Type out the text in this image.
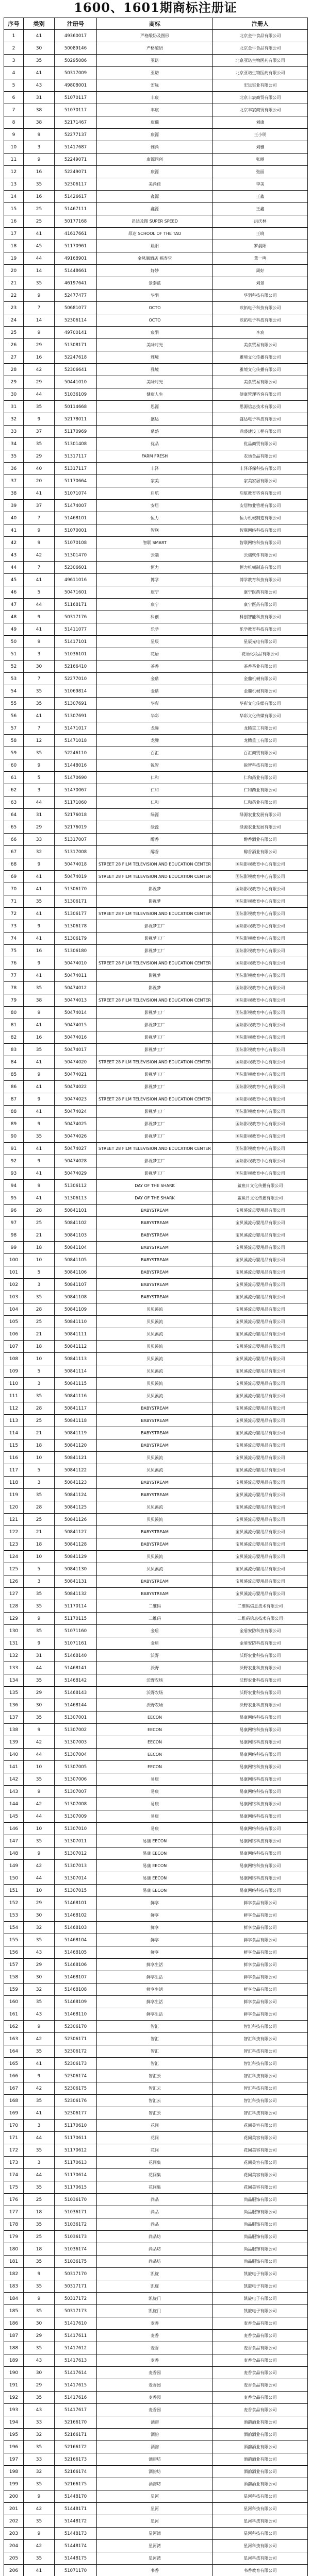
1600、1601期商标注册证
序号	类别	注册号	商标	注册人
1	41	49360017	严格酸奶及图形	北京金牛食品有限公司
2	30	50089146	严格酸奶	北京金牛食品有限公司
3	35	50295086	亚诺	北京亚诺生物医药有限公司
4	41	50317009	亚诺	北京亚诺生物医药有限公司
5	43	49808001	宏远	宏远实业有限公司
6	31	51070117	丰宸	北京丰宸商贸有限公司
7	38	51070117	丰宸	北京丰宸商贸有限公司
8	38	52171467	康瑞	刘康
9	9	52277137	康源	王小明
10	3	51417687	雅尚	刘雅
11	9	52249071	康源同创	张丽
12	16	52249071	康源	张丽
13	35	52306117	美尚佳	李美
14	16	51426617	鑫源	王鑫
15	25	51467111	鑫源	王鑫
16	25	50177168	昂达及图 SUPER SPEED	洪庆林
17	41	41617661	昂达 SCHOOL OF THE TAO	王晓
18	45	51170961	晨阳	罗晨阳
19	44	49168901	金凤凰酒店 福寿堂	董一鸣
20	14	51448661	好妙	周好
21	35	46197641	景泰蓝	刘景
22	9	52477477	华羽	华羽科技有限公司
23	7	50681077	OCTO	欧拓电子科技有限公司
24	14	52306114	OCTO	欧拓电子科技有限公司
25	9	49700141	宸羽	李宸
26	29	51308171	美味时光	美食贸易有限公司
27	16	52247618	雅境	雅境文化传播有限公司
28	42	52306641	雅境	雅境文化传播有限公司
29	29	50441010	美味时光	美食贸易有限公司
30	44	51036109	健康人生	健康管理咨询有限公司
31	35	50114668	思源	思源信息技术有限公司
32	9	52178011	盛达	盛达电子科技有限公司
33	37	51170969	鼎盛	鼎盛建设工程有限公司
34	35	51301408	优品	优品商贸有限公司
35	29	51317117	FARM FRESH	农场食品有限公司
36	40	51317117	丰泽	丰泽环保科技有限公司
37	20	51170664	家美	家美家居有限公司
38	41	51071074	启航	启航教育咨询有限公司
39	37	51474007	安居	安居物业管理有限公司
40	7	51468101	恒力	恒力机械制造有限公司
41	9	51070001	智联	智联网络科技有限公司
42	9	51070108	智联 SMART	智联网络科技有限公司
43	42	51301470	云端	云端软件有限公司
44	7	52306601	恒力	恒力机械制造有限公司
45	41	49611016	博学	博学教育科技有限公司
46	5	50471601	康宁	康宁医药有限公司
47	44	51168171	康宁	康宁医药有限公司
48	9	50317176	科创	科创智能科技有限公司
49	41	51411077	乐学	乐学教育科技有限公司
50	9	51417101	星辰	星辰光电有限公司
51	3	51036101	花语	花语化妆品有限公司
52	30	52166410	茶香	茶香茶业有限公司
53	7	52277010	金鼎	金鼎机械有限公司
54	35	51069814	金鼎	金鼎机械有限公司
55	35	51307691	华彩	华彩文化传媒有限公司
56	41	51307691	华彩	华彩文化传媒有限公司
57	7	51471017	龙腾	龙腾重工有限公司
58	12	51471018	龙腾	龙腾重工有限公司
59	35	52246110	百汇	百汇商贸有限公司
60	9	51448016	锐智	锐智科技有限公司
61	5	51470690	仁和	仁和药业有限公司
62	3	51470067	仁和	仁和药业有限公司
63	44	51171060	仁和	仁和药业有限公司
64	31	52176018	绿源	绿源农业发展有限公司
65	29	52176019	绿源	绿源农业发展有限公司
66	33	51317007	醇香	醇香酒业有限公司
67	32	51317008	醇香	醇香酒业有限公司
68	9	50474018	STREET 28 FILM TELEVISION AND EDUCATION CENTER	国际影视教育中心有限公司
69	41	50474019	STREET 28 FILM TELEVISION AND EDUCATION CENTER	国际影视教育中心有限公司
70	41	51306170	影视梦	国际影视教育中心有限公司
71	35	51306171	影视梦	国际影视教育中心有限公司
72	41	51306177	STREET 28 FILM TELEVISION AND EDUCATION CENTER	国际影视教育中心有限公司
73	9	51306178	影视梦工厂	国际影视教育中心有限公司
74	41	51306179	影视梦工厂	国际影视教育中心有限公司
75	16	51306180	影视梦工厂	国际影视教育中心有限公司
76	9	50474010	STREET 28 FILM TELEVISION AND EDUCATION CENTER	国际影视教育中心有限公司
77	41	50474011	影视梦	国际影视教育中心有限公司
78	35	50474012	影视梦	国际影视教育中心有限公司
79	38	50474013	STREET 28 FILM TELEVISION AND EDUCATION CENTER	国际影视教育中心有限公司
80	9	50474014	影视梦工厂	国际影视教育中心有限公司
81	41	50474015	影视梦工厂	国际影视教育中心有限公司
82	16	50474016	影视梦工厂	国际影视教育中心有限公司
83	35	50474017	影视梦工厂	国际影视教育中心有限公司
84	41	50474020	STREET 28 FILM TELEVISION AND EDUCATION CENTER	国际影视教育中心有限公司
85	9	50474021	影视梦工厂	国际影视教育中心有限公司
86	41	50474022	影视梦工厂	国际影视教育中心有限公司
87	9	50474023	STREET 28 FILM TELEVISION AND EDUCATION CENTER	国际影视教育中心有限公司
88	41	50474024	影视梦工厂	国际影视教育中心有限公司
89	9	50474025	影视梦工厂	国际影视教育中心有限公司
90	35	50474026	影视梦工厂	国际影视教育中心有限公司
91	41	50474027	STREET 28 FILM TELEVISION AND EDUCATION CENTER	国际影视教育中心有限公司
92	9	50474028	影视梦工厂	国际影视教育中心有限公司
93	41	50474029	影视梦工厂	国际影视教育中心有限公司
94	9	51306112	DAY OF THE SHARK	鲨鱼日文化传播有限公司
95	41	51306113	DAY OF THE SHARK	鲨鱼日文化传播有限公司
96	28	50841101	BABYSTREAM	宝贝溪流母婴用品有限公司
97	25	50841102	BABYSTREAM	宝贝溪流母婴用品有限公司
98	21	50841103	BABYSTREAM	宝贝溪流母婴用品有限公司
99	18	50841104	BABYSTREAM	宝贝溪流母婴用品有限公司
100	10	50841105	BABYSTREAM	宝贝溪流母婴用品有限公司
101	5	50841106	BABYSTREAM	宝贝溪流母婴用品有限公司
102	3	50841107	BABYSTREAM	宝贝溪流母婴用品有限公司
103	35	50841108	BABYSTREAM	宝贝溪流母婴用品有限公司
104	28	50841109	贝贝溪流	宝贝溪流母婴用品有限公司
105	25	50841110	贝贝溪流	宝贝溪流母婴用品有限公司
106	21	50841111	贝贝溪流	宝贝溪流母婴用品有限公司
107	18	50841112	贝贝溪流	宝贝溪流母婴用品有限公司
108	10	50841113	贝贝溪流	宝贝溪流母婴用品有限公司
109	5	50841114	贝贝溪流	宝贝溪流母婴用品有限公司
110	3	50841115	贝贝溪流	宝贝溪流母婴用品有限公司
111	35	50841116	贝贝溪流	宝贝溪流母婴用品有限公司
112	28	50841117	BABYSTREAM	宝贝溪流母婴用品有限公司
113	25	50841118	BABYSTREAM	宝贝溪流母婴用品有限公司
114	21	50841119	BABYSTREAM	宝贝溪流母婴用品有限公司
115	18	50841120	BABYSTREAM	宝贝溪流母婴用品有限公司
116	10	50841121	贝贝溪流	宝贝溪流母婴用品有限公司
117	5	50841122	贝贝溪流	宝贝溪流母婴用品有限公司
118	3	50841123	BABYSTREAM	宝贝溪流母婴用品有限公司
119	35	50841124	BABYSTREAM	宝贝溪流母婴用品有限公司
120	28	50841125	贝贝溪流	宝贝溪流母婴用品有限公司
121	25	50841126	贝贝溪流	宝贝溪流母婴用品有限公司
122	21	50841127	BABYSTREAM	宝贝溪流母婴用品有限公司
123	18	50841128	BABYSTREAM	宝贝溪流母婴用品有限公司
124	10	50841129	贝贝溪流	宝贝溪流母婴用品有限公司
125	5	50841130	贝贝溪流	宝贝溪流母婴用品有限公司
126	3	50841131	BABYSTREAM	宝贝溪流母婴用品有限公司
127	35	50841132	BABYSTREAM	宝贝溪流母婴用品有限公司
128	35	51170114	二维码	二维码信息技术有限公司
129	9	51170115	二维码	二维码信息技术有限公司
130	35	51071160	金盾	金盾安防科技有限公司
131	9	51071161	金盾	金盾安防科技有限公司
132	31	51468140	沃野	沃野农业科技有限公司
133	44	51468141	沃野	沃野农业科技有限公司
134	35	51468142	沃野农场	沃野农业科技有限公司
135	29	51468143	沃野农场	沃野农业科技有限公司
136	30	51468144	沃野农场	沃野农业科技有限公司
137	35	51307001	EECON	易康网络科技有限公司
138	9	51307002	EECON	易康网络科技有限公司
139	42	51307003	EECON	易康网络科技有限公司
140	44	51307004	EECON	易康网络科技有限公司
141	10	51307005	EECON	易康网络科技有限公司
142	35	51307006	易康	易康网络科技有限公司
143	9	51307007	易康	易康网络科技有限公司
144	42	51307008	易康	易康网络科技有限公司
145	44	51307009	易康	易康网络科技有限公司
146	10	51307010	易康	易康网络科技有限公司
147	35	51307011	易康 EECON	易康网络科技有限公司
148	9	51307012	易康 EECON	易康网络科技有限公司
149	42	51307013	易康 EECON	易康网络科技有限公司
150	44	51307014	易康 EECON	易康网络科技有限公司
151	10	51307015	易康 EECON	易康网络科技有限公司
152	29	51468101	鲜享	鲜享食品有限公司
153	30	51468102	鲜享	鲜享食品有限公司
154	32	51468103	鲜享	鲜享食品有限公司
155	35	51468104	鲜享	鲜享食品有限公司
156	43	51468105	鲜享	鲜享食品有限公司
157	29	51468106	鲜享生活	鲜享食品有限公司
158	30	51468107	鲜享生活	鲜享食品有限公司
159	32	51468108	鲜享生活	鲜享食品有限公司
160	35	51468109	鲜享生活	鲜享食品有限公司
161	43	51468110	鲜享生活	鲜享食品有限公司
162	9	52306170	智汇	智汇科技有限公司
163	42	52306171	智汇	智汇科技有限公司
164	35	52306172	智汇	智汇科技有限公司
165	41	52306173	智汇	智汇科技有限公司
166	9	52306174	智汇云	智汇科技有限公司
167	42	52306175	智汇云	智汇科技有限公司
168	35	52306176	智汇云	智汇科技有限公司
169	41	52306177	智汇云	智汇科技有限公司
170	3	51170610	花间	花间美容有限公司
171	44	51170611	花间	花间美容有限公司
172	35	51170612	花间	花间美容有限公司
173	3	51170613	花间集	花间美容有限公司
174	44	51170614	花间集	花间美容有限公司
175	35	51170615	花间集	花间美容有限公司
176	25	51036170	尚品	尚品服饰有限公司
177	18	51036171	尚品	尚品服饰有限公司
178	35	51036172	尚品	尚品服饰有限公司
179	25	51036173	尚品坊	尚品服饰有限公司
180	18	51036174	尚品坊	尚品服饰有限公司
181	35	51036175	尚品坊	尚品服饰有限公司
182	9	50317170	凯旋	凯旋电子有限公司
183	35	50317171	凯旋	凯旋电子有限公司
184	9	50317172	凯旋门	凯旋电子有限公司
185	35	50317173	凯旋门	凯旋电子有限公司
186	30	51417610	麦香	麦香食品有限公司
187	29	51417611	麦香	麦香食品有限公司
188	35	51417612	麦香	麦香食品有限公司
189	43	51417613	麦香	麦香食品有限公司
190	30	51417614	麦香园	麦香食品有限公司
191	29	51417615	麦香园	麦香食品有限公司
192	35	51417616	麦香园	麦香食品有限公司
193	43	51417617	麦香园	麦香食品有限公司
194	33	52166170	酒韵	酒韵酒业有限公司
195	32	52166171	酒韵	酒韵酒业有限公司
196	35	52166172	酒韵	酒韵酒业有限公司
197	33	52166173	酒韵坊	酒韵酒业有限公司
198	32	52166174	酒韵坊	酒韵酒业有限公司
199	35	52166175	酒韵坊	酒韵酒业有限公司
200	9	51448170	星河	星河科技有限公司
201	42	51448171	星河	星河科技有限公司
202	35	51448172	星河	星河科技有限公司
203	9	51448173	星河湾	星河科技有限公司
204	42	51448174	星河湾	星河科技有限公司
205	35	51448175	星河湾	星河科技有限公司
206	41	51071170	书香	书香教育有限公司
